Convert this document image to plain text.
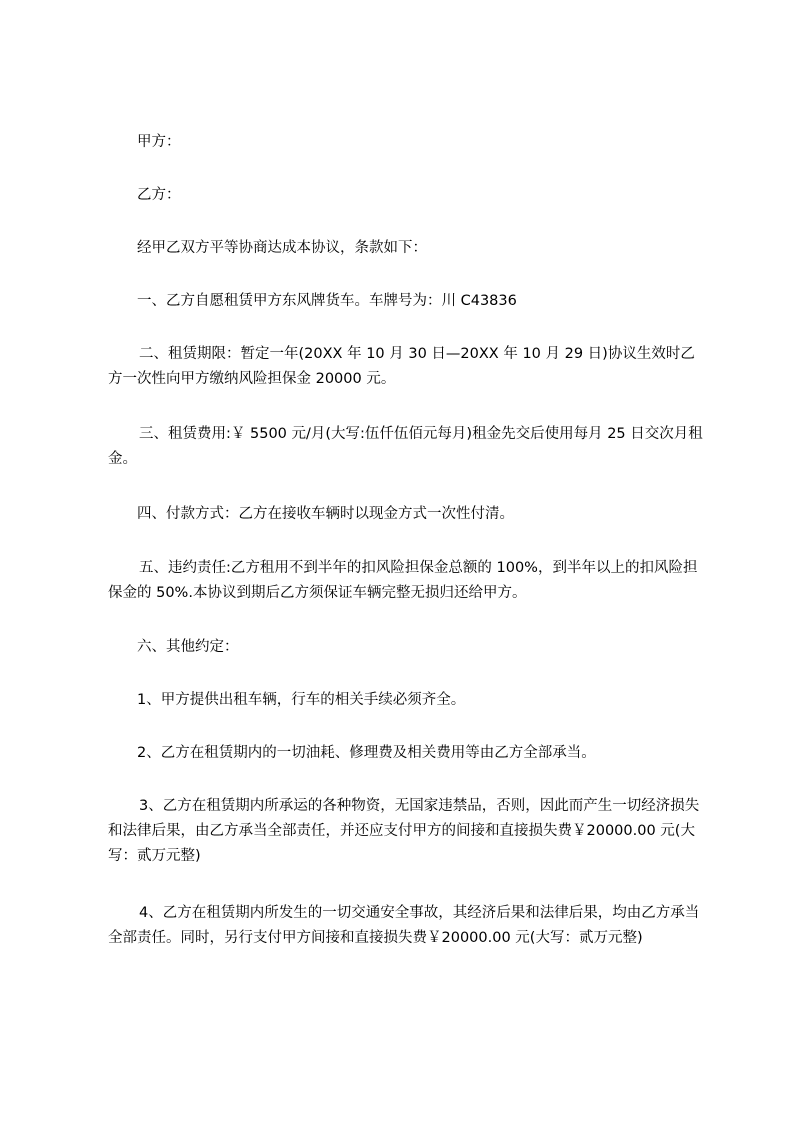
甲方：

乙方：

经甲乙双方平等协商达成本协议，条款如下：

一、乙方自愿租赁甲方东风牌货车。车牌号为：川 C43836

二、租赁期限：暂定一年(20XX 年 10 月 30 日—20XX 年 10 月 29 日)协议生效时乙方一次性向甲方缴纳风险担保金 20000 元。

三、租赁费用:￥ 5500 元/月(大写:伍仟伍佰元每月)租金先交后使用每月 25 日交次月租金。

四、付款方式：乙方在接收车辆时以现金方式一次性付清。

五、违约责任:乙方租用不到半年的扣风险担保金总额的 100%，到半年以上的扣风险担保金的 50%.本协议到期后乙方须保证车辆完整无损归还给甲方。

六、其他约定：

1、甲方提供出租车辆，行车的相关手续必须齐全。

2、乙方在租赁期内的一切油耗、修理费及相关费用等由乙方全部承当。

3、乙方在租赁期内所承运的各种物资，无国家违禁品，否则，因此而产生一切经济损失和法律后果，由乙方承当全部责任，并还应支付甲方的间接和直接损失费￥20000.00 元(大写：贰万元整)

4、乙方在租赁期内所发生的一切交通安全事故，其经济后果和法律后果，均由乙方承当全部责任。同时，另行支付甲方间接和直接损失费￥20000.00 元(大写：贰万元整)
